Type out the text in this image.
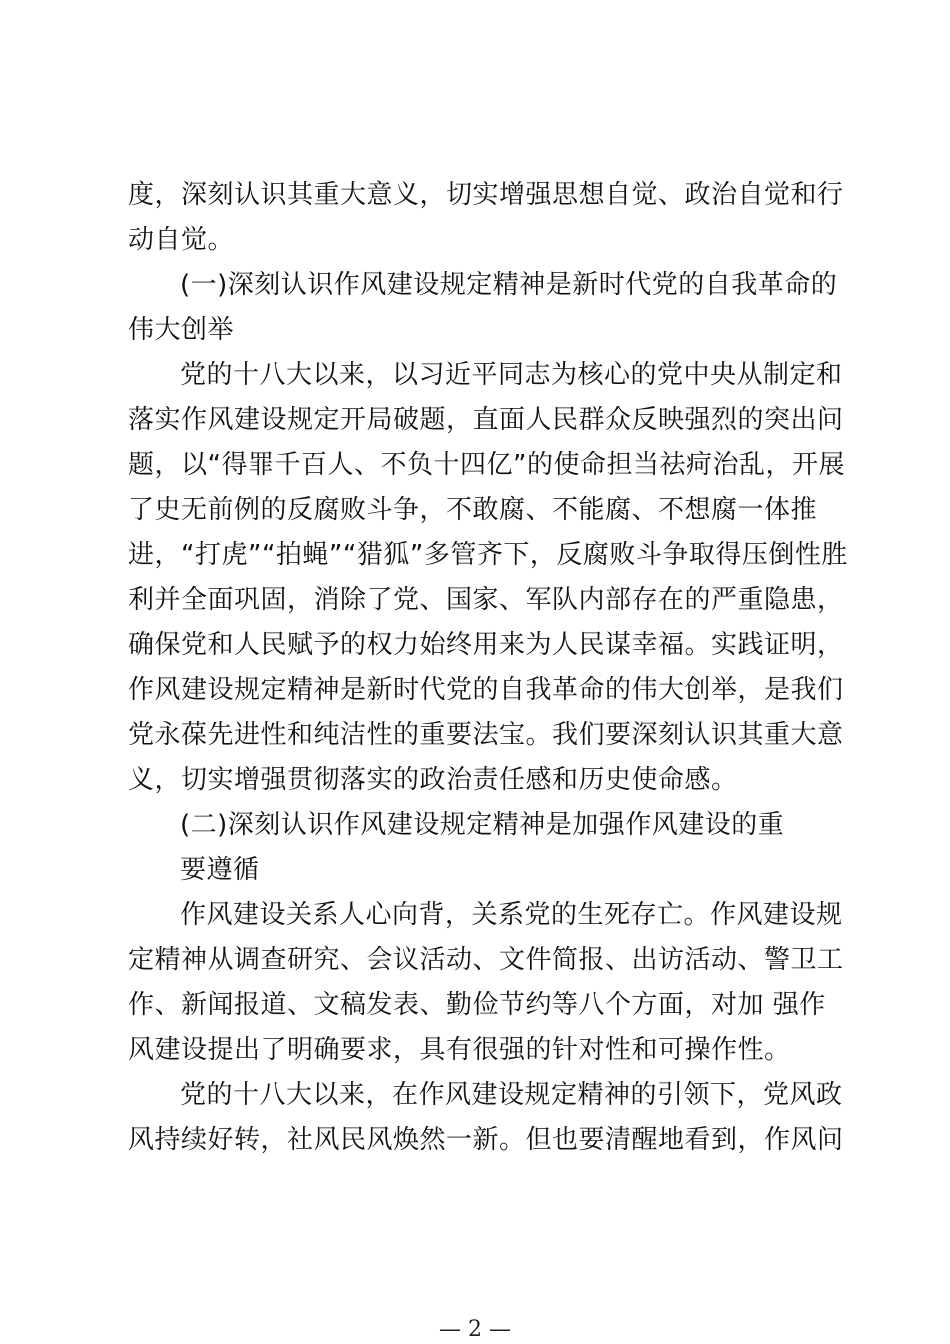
度，深刻认识其重大意义，切实增强思想自觉、政治自觉和行
动自觉。
(一)深刻认识作风建设规定精神是新时代党的自我革命的
伟大创举
党的十八大以来，以习近平同志为核心的党中央从制定和
落实作风建设规定开局破题，直面人民群众反映强烈的突出问
题，以“得罪千百人、不负十四亿”的使命担当祛疴治乱，开展
了史无前例的反腐败斗争，不敢腐、不能腐、不想腐一体推
进，“打虎”“拍蝇”“猎狐”多管齐下，反腐败斗争取得压倒性胜
利并全面巩固，消除了党、国家、军队内部存在的严重隐患，
确保党和人民赋予的权力始终用来为人民谋幸福。实践证明，
作风建设规定精神是新时代党的自我革命的伟大创举，是我们
党永葆先进性和纯洁性的重要法宝。我们要深刻认识其重大意
义，切实增强贯彻落实的政治责任感和历史使命感。
(二)深刻认识作风建设规定精神是加强作风建设的重
要遵循
作风建设关系人心向背，关系党的生死存亡。作风建设规
定精神从调查研究、会议活动、文件简报、出访活动、警卫工
作、新闻报道、文稿发表、勤俭节约等八个方面，对加 强作
风建设提出了明确要求，具有很强的针对性和可操作性。
党的十八大以来，在作风建设规定精神的引领下，党风政
风持续好转，社风民风焕然一新。但也要清醒地看到，作风问
— 2 —
